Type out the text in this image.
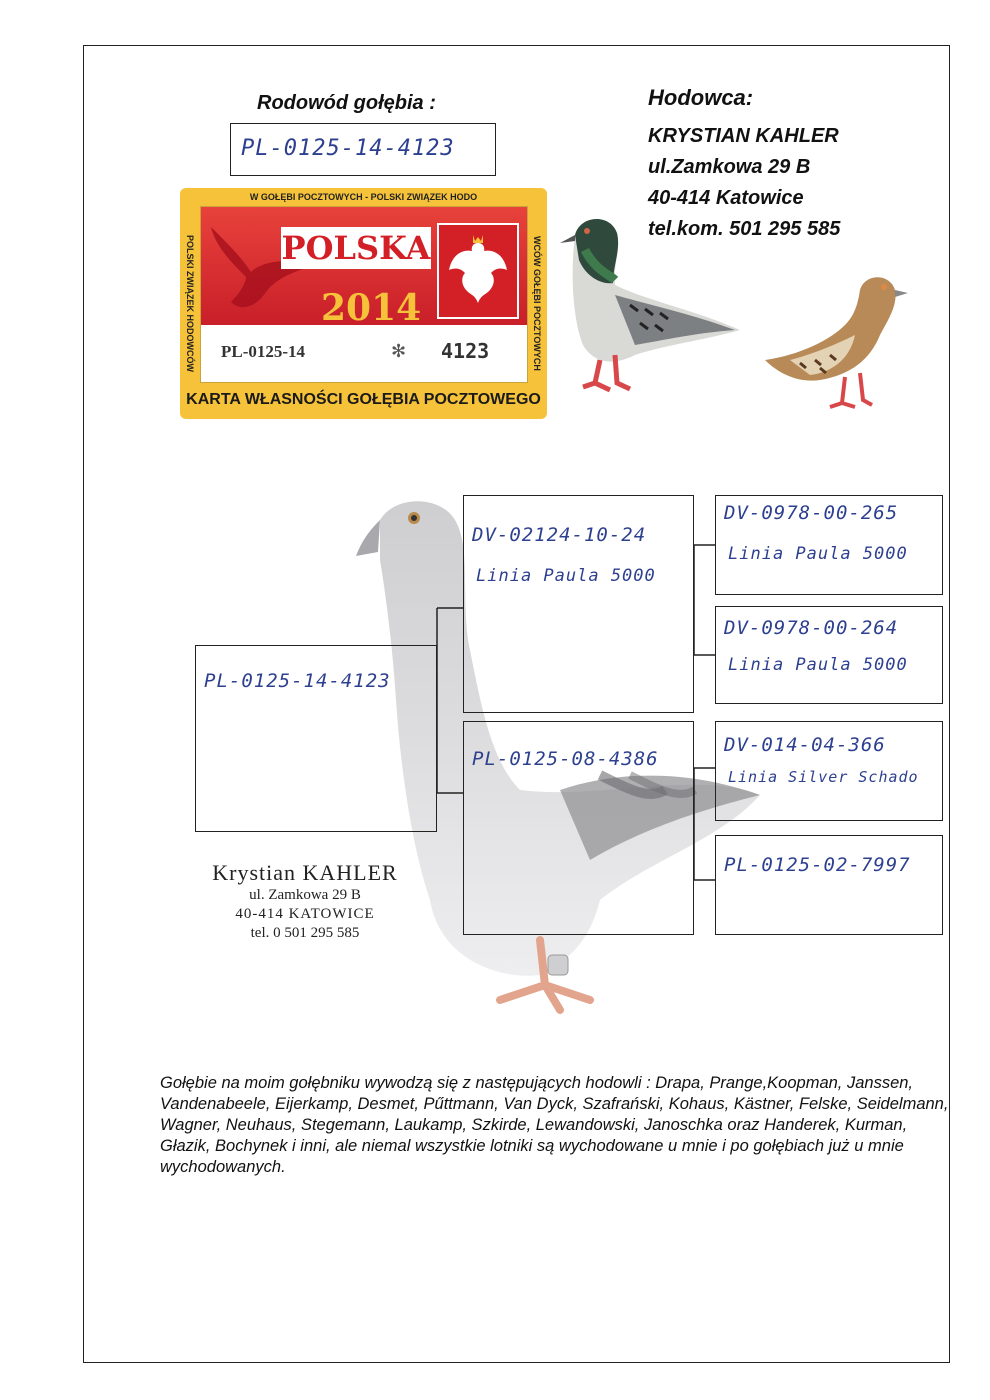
Rodowód gołębia :
PL-0125-14-4123
Hodowca:
KRYSTIAN KAHLER
ul.Zamkowa 29 B
40-414 Katowice
tel.kom. 501 295 585
W GOŁĘBI POCZTOWYCH - POLSKI ZWIĄZEK HODO
POLSKI ZWIĄZEK HODOWCÓW	WCÓW GOŁĘBI POCZTOWYCH
POLSKA
2014
PL-0125-14	✻ 4123
KARTA WŁASNOŚCI GOŁĘBIA POCZTOWEGO
PL-0125-14-4123
DV-02124-10-24
Linia Paula 5000
PL-0125-08-4386
DV-0978-00-265
Linia Paula 5000
DV-0978-00-264
Linia Paula 5000
DV-014-04-366
Linia Silver Schado
PL-0125-02-7997
Krystian KAHLER
ul. Zamkowa 29 B
40-414 KATOWICE
tel. 0 501 295 585
Gołębie na moim gołębniku wywodzą się z następujących hodowli : Drapa, Prange,Koopman, Janssen, Vandenabeele, Eijerkamp, Desmet, Pűttmann, Van Dyck, Szafrański, Kohaus, Kästner, Felske, Seidelmann, Wagner, Neuhaus, Stegemann, Laukamp, Szkirde, Lewandowski, Janoschka oraz Handerek, Kurman, Głazik, Bochynek i inni, ale niemal wszystkie lotniki są wychodowane u mnie i po gołębiach już u mnie wychodowanych.
